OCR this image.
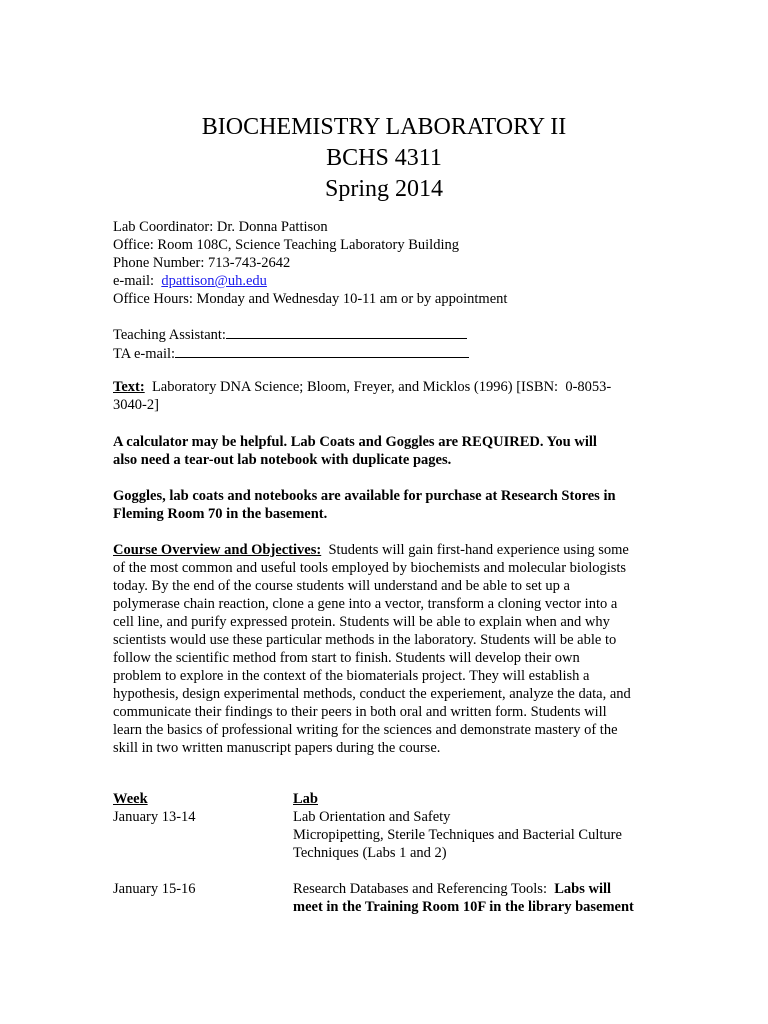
BIOCHEMISTRY LABORATORY II
BCHS 4311
Spring 2014
Lab Coordinator: Dr. Donna Pattison
Office: Room 108C, Science Teaching Laboratory Building
Phone Number: 713-743-2642
e-mail:  dpattison@uh.edu
Office Hours: Monday and Wednesday 10-11 am or by appointment
Teaching Assistant:
TA e-mail:
Text:  Laboratory DNA Science; Bloom, Freyer, and Micklos (1996) [ISBN:  0-8053-
3040-2]
A calculator may be helpful. Lab Coats and Goggles are REQUIRED. You will
also need a tear-out lab notebook with duplicate pages.
Goggles, lab coats and notebooks are available for purchase at Research Stores in
Fleming Room 70 in the basement.
Course Overview and Objectives:  Students will gain first-hand experience using some
of the most common and useful tools employed by biochemists and molecular biologists
today. By the end of the course students will understand and be able to set up a
polymerase chain reaction, clone a gene into a vector, transform a cloning vector into a
cell line, and purify expressed protein. Students will be able to explain when and why
scientists would use these particular methods in the laboratory. Students will be able to
follow the scientific method from start to finish. Students will develop their own
problem to explore in the context of the biomaterials project. They will establish a
hypothesis, design experimental methods, conduct the experiement, analyze the data, and
communicate their findings to their peers in both oral and written form. Students will
learn the basics of professional writing for the sciences and demonstrate mastery of the
skill in two written manuscript papers during the course.
Week	Lab
January 13-14	Lab Orientation and Safety
Micropipetting, Sterile Techniques and Bacterial Culture
Techniques (Labs 1 and 2)
January 15-16	Research Databases and Referencing Tools:  Labs will
meet in the Training Room 10F in the library basement
